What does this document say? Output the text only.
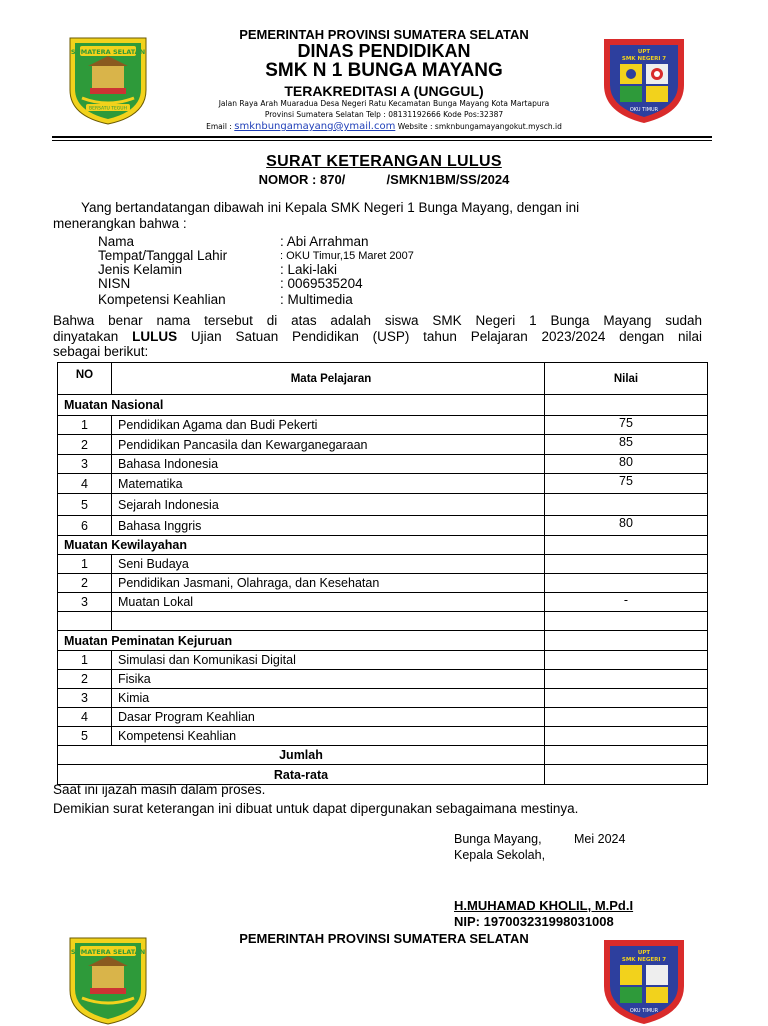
SUMATERA SELATAN
BERSATU TEGUH
UPT
SMK NEGERI 7
OKU TIMUR
PEMERINTAH PROVINSI SUMATERA SELATAN
DINAS PENDIDIKAN
SMK N 1 BUNGA MAYANG
TERAKREDITASI A (UNGGUL)
Jalan Raya Arah Muaradua Desa Negeri Ratu Kecamatan Bunga Mayang Kota Martapura
Provinsi Sumatera Selatan Telp : 08131192666 Kode Pos:32387
Email : smknbungamayang@ymail.com Website : smknbungamayangokut.mysch.id
SURAT KETERANGAN LULUS
NOMOR : 870/	/SMKN1BM/SS/2024
Yang bertandatangan dibawah ini Kepala SMK Negeri 1 Bunga Mayang, dengan ini
menerangkan bahwa :
Nama	: Abi Arrahman
Tempat/Tanggal Lahir	: OKU Timur,15 Maret 2007
Jenis Kelamin	: Laki-laki
NISN	: 0069535204
Kompetensi Keahlian	: Multimedia
Bahwa benar nama tersebut di atas adalah siswa SMK Negeri 1 Bunga Mayang sudah
dinyatakan LULUS Ujian Satuan Pendidikan (USP) tahun Pelajaran 2023/2024 dengan nilai
sebagai berikut:
NO	Mata Pelajaran	Nilai
Muatan Nasional		
1	Pendidikan Agama dan Budi Pekerti	75
2	Pendidikan Pancasila dan Kewarganegaraan	85
3	Bahasa Indonesia	80
4	Matematika	75
5	Sejarah Indonesia	
6	Bahasa Inggris	80
Muatan Kewilayahan		
1	Seni Budaya	
2	Pendidikan Jasmani, Olahraga, dan Kesehatan	
3	Muatan Lokal	-

Muatan Peminatan Kejuruan		
1	Simulasi dan Komunikasi Digital	
2	Fisika	
3	Kimia	
4	Dasar Program Keahlian	
5	Kompetensi Keahlian	
Jumlah		
Rata-rata		
Saat ini ijazah masih dalam proses.
Demikian surat keterangan ini dibuat untuk dapat dipergunakan sebagaimana mestinya.
Bunga Mayang,	Mei 2024
Kepala Sekolah,
H.MUHAMAD KHOLIL, M.Pd.I
NIP: 197003231998031008
SUMATERA SELATAN	UPT
SMK NEGERI 7
OKU TIMUR
PEMERINTAH PROVINSI SUMATERA SELATAN
